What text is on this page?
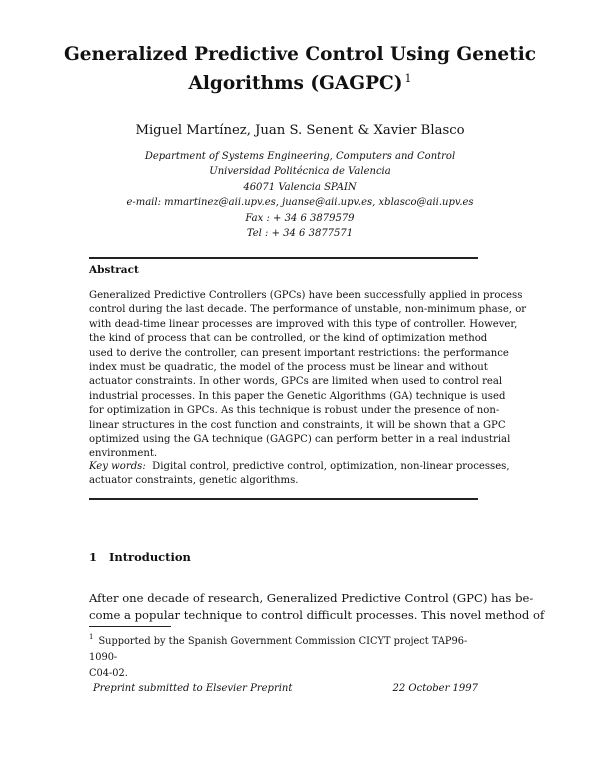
Generalized Predictive Control Using Genetic
Algorithms (GAGPC) $^1$
Miguel Martínez, Juan S. Senent & Xavier Blasco
Department of Systems Engineering, Computers and Control
Universidad Politécnica de Valencia
46071 Valencia SPAIN
e-mail: mmartinez@aii.upv.es, juanse@aii.upv.es, xblasco@aii.upv.es
Fax : + 34 6 3879579
Tel : + 34 6 3877571
Abstract
Generalized Predictive Controllers (GPCs) have been successfully applied in process
control during the last decade. The performance of unstable, non-minimum phase, or
with dead-time linear processes are improved with this type of controller. However,
the kind of process that can be controlled, or the kind of optimization method
used to derive the controller, can present important restrictions: the performance
index must be quadratic, the model of the process must be linear and without
actuator constraints. In other words, GPCs are limited when used to control real
industrial processes. In this paper the Genetic Algorithms (GA) technique is used
for optimization in GPCs. As this technique is robust under the presence of non-
linear structures in the cost function and constraints, it will be shown that a GPC
optimized using the GA technique (GAGPC) can perform better in a real industrial
environment.
Key words: Digital control, predictive control, optimization, non-linear processes,
actuator constraints, genetic algorithms.
1 Introduction
After one decade of research, Generalized Predictive Control (GPC) has be-
come a popular technique to control difficult processes. This novel method of
$^1$ Supported by the Spanish Government Commission CICYT project TAP96-1090-
C04-02.
Preprint submitted to Elsevier Preprint	22 October 1997
